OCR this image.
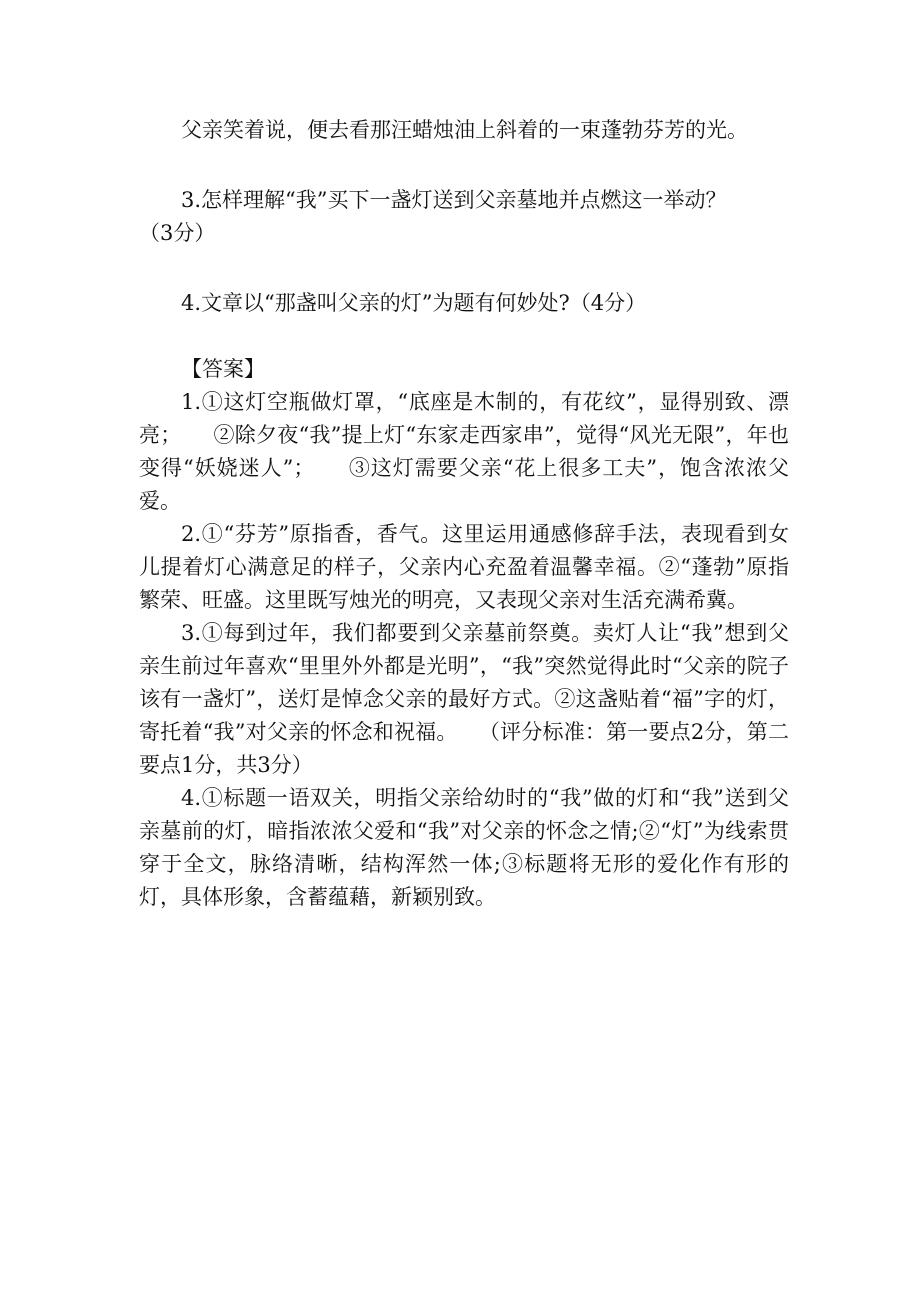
父亲笑着说，便去看那汪蜡烛油上斜着的一束蓬勃芬芳的光。
3.怎样理解“我”买下一盏灯送到父亲墓地并点燃这一举动？
（3分）
4.文章以“那盏叫父亲的灯”为题有何妙处?（4分）
【答案】

1.①这灯空瓶做灯罩，“底座是木制的，有花纹”，显得别致、漂亮；　　②除夕夜“我”提上灯“东家走西家串”，觉得“风光无限”，年也变得“妖娆迷人”；　　③这灯需要父亲“花上很多工夫”，饱含浓浓父爱。

2.①“芬芳”原指香，香气。这里运用通感修辞手法，表现看到女儿提着灯心满意足的样子，父亲内心充盈着温馨幸福。②“蓬勃”原指繁荣、旺盛。这里既写烛光的明亮，又表现父亲对生活充满希冀。

3.①每到过年，我们都要到父亲墓前祭奠。卖灯人让“我”想到父亲生前过年喜欢“里里外外都是光明”，“我”突然觉得此时“父亲的院子该有一盏灯”，送灯是悼念父亲的最好方式。②这盏贴着“福”字的灯，寄托着“我”对父亲的怀念和祝福。　　（评分标准：第一要点2分，第二要点1分，共3分）

4.①标题一语双关，明指父亲给幼时的“我”做的灯和“我”送到父亲墓前的灯，暗指浓浓父爱和“我”对父亲的怀念之情;②“灯”为线索贯穿于全文，脉络清晰，结构浑然一体;③标题将无形的爱化作有形的灯，具体形象，含蓄蕴藉，新颖别致。
